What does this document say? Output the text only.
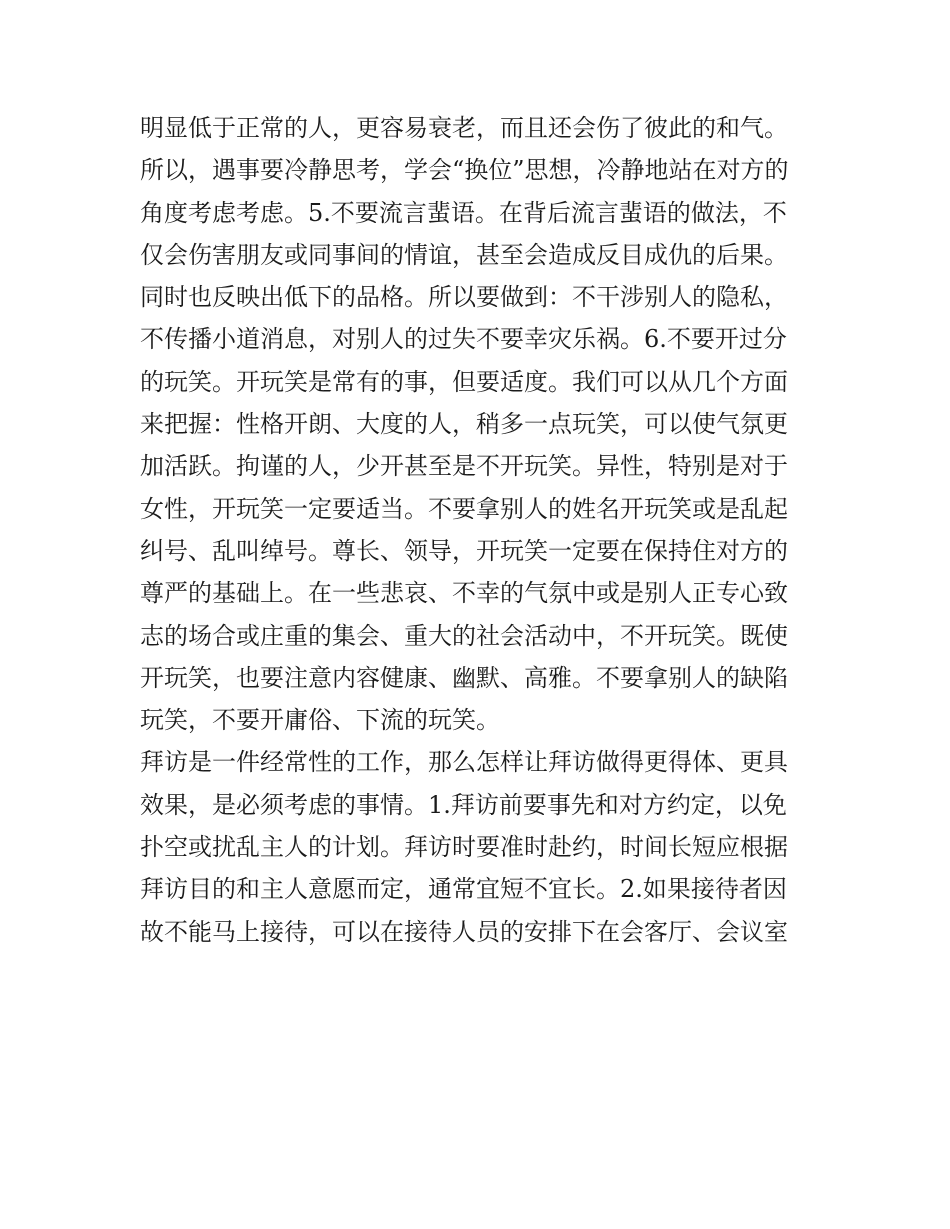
明显低于正常的人，更容易衰老，而且还会伤了彼此的和气。
所以，遇事要冷静思考，学会“换位”思想，冷静地站在对方的
角度考虑考虑。5.不要流言蜚语。在背后流言蜚语的做法，不
仅会伤害朋友或同事间的情谊，甚至会造成反目成仇的后果。
同时也反映出低下的品格。所以要做到：不干涉别人的隐私，
不传播小道消息，对别人的过失不要幸灾乐祸。6.不要开过分
的玩笑。开玩笑是常有的事，但要适度。我们可以从几个方面
来把握：性格开朗、大度的人，稍多一点玩笑，可以使气氛更
加活跃。拘谨的人，少开甚至是不开玩笑。异性，特别是对于
女性，开玩笑一定要适当。不要拿别人的姓名开玩笑或是乱起
纠号、乱叫绰号。尊长、领导，开玩笑一定要在保持住对方的
尊严的基础上。在一些悲哀、不幸的气氛中或是别人正专心致
志的场合或庄重的集会、重大的社会活动中，不开玩笑。既使
开玩笑，也要注意内容健康、幽默、高雅。不要拿别人的缺陷
玩笑，不要开庸俗、下流的玩笑。
拜访是一件经常性的工作，那么怎样让拜访做得更得体、更具
效果，是必须考虑的事情。1.拜访前要事先和对方约定，以免
扑空或扰乱主人的计划。拜访时要准时赴约，时间长短应根据
拜访目的和主人意愿而定，通常宜短不宜长。2.如果接待者因
故不能马上接待，可以在接待人员的安排下在会客厅、会议室
